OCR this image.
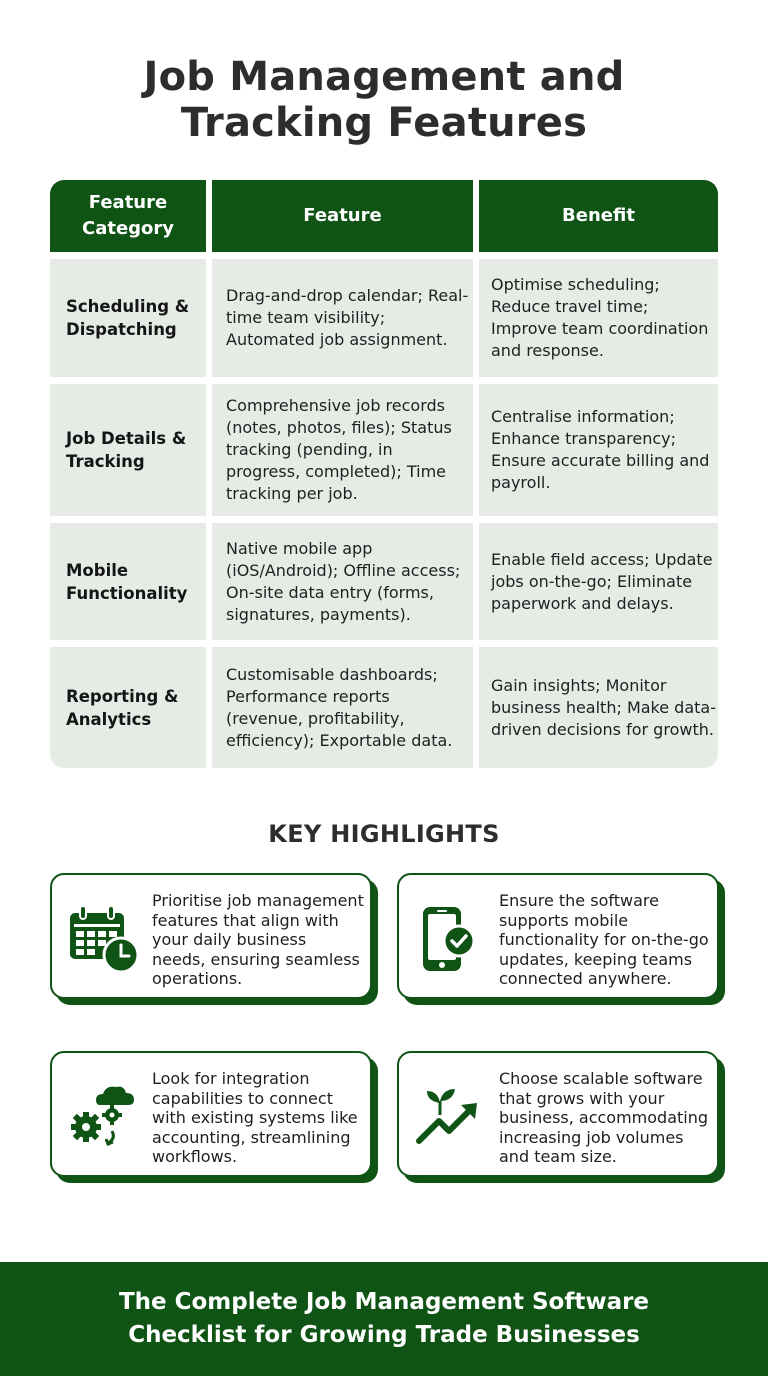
Job Management and
Tracking Features
Feature
Category
Feature	Benefit
Scheduling & Dispatching
Drag-and-drop calendar; Real-time team visibility; Automated job assignment.
Optimise scheduling; Reduce travel time; Improve team coordination and response.
Job Details & Tracking
Comprehensive job records (notes, photos, files); Status tracking (pending, in progress, completed); Time tracking per job.
Centralise information; Enhance transparency; Ensure accurate billing and payroll.
Mobile Functionality
Native mobile app (iOS/Android); Offline access; On-site data entry (forms, signatures, payments).
Enable field access; Update jobs on-the-go; Eliminate paperwork and delays.
Reporting & Analytics
Customisable dashboards; Performance reports (revenue, profitability, efficiency); Exportable data.
Gain insights; Monitor business health; Make data-driven decisions for growth.
KEY HIGHLIGHTS
Prioritise job management features that align with your daily business needs, ensuring seamless operations.
Ensure the software supports mobile functionality for on-the-go updates, keeping teams connected anywhere.
Look for integration capabilities to connect with existing systems like accounting, streamlining workflows.
Choose scalable software that grows with your business, accommodating increasing job volumes and team size.
The Complete Job Management Software
Checklist for Growing Trade Businesses
